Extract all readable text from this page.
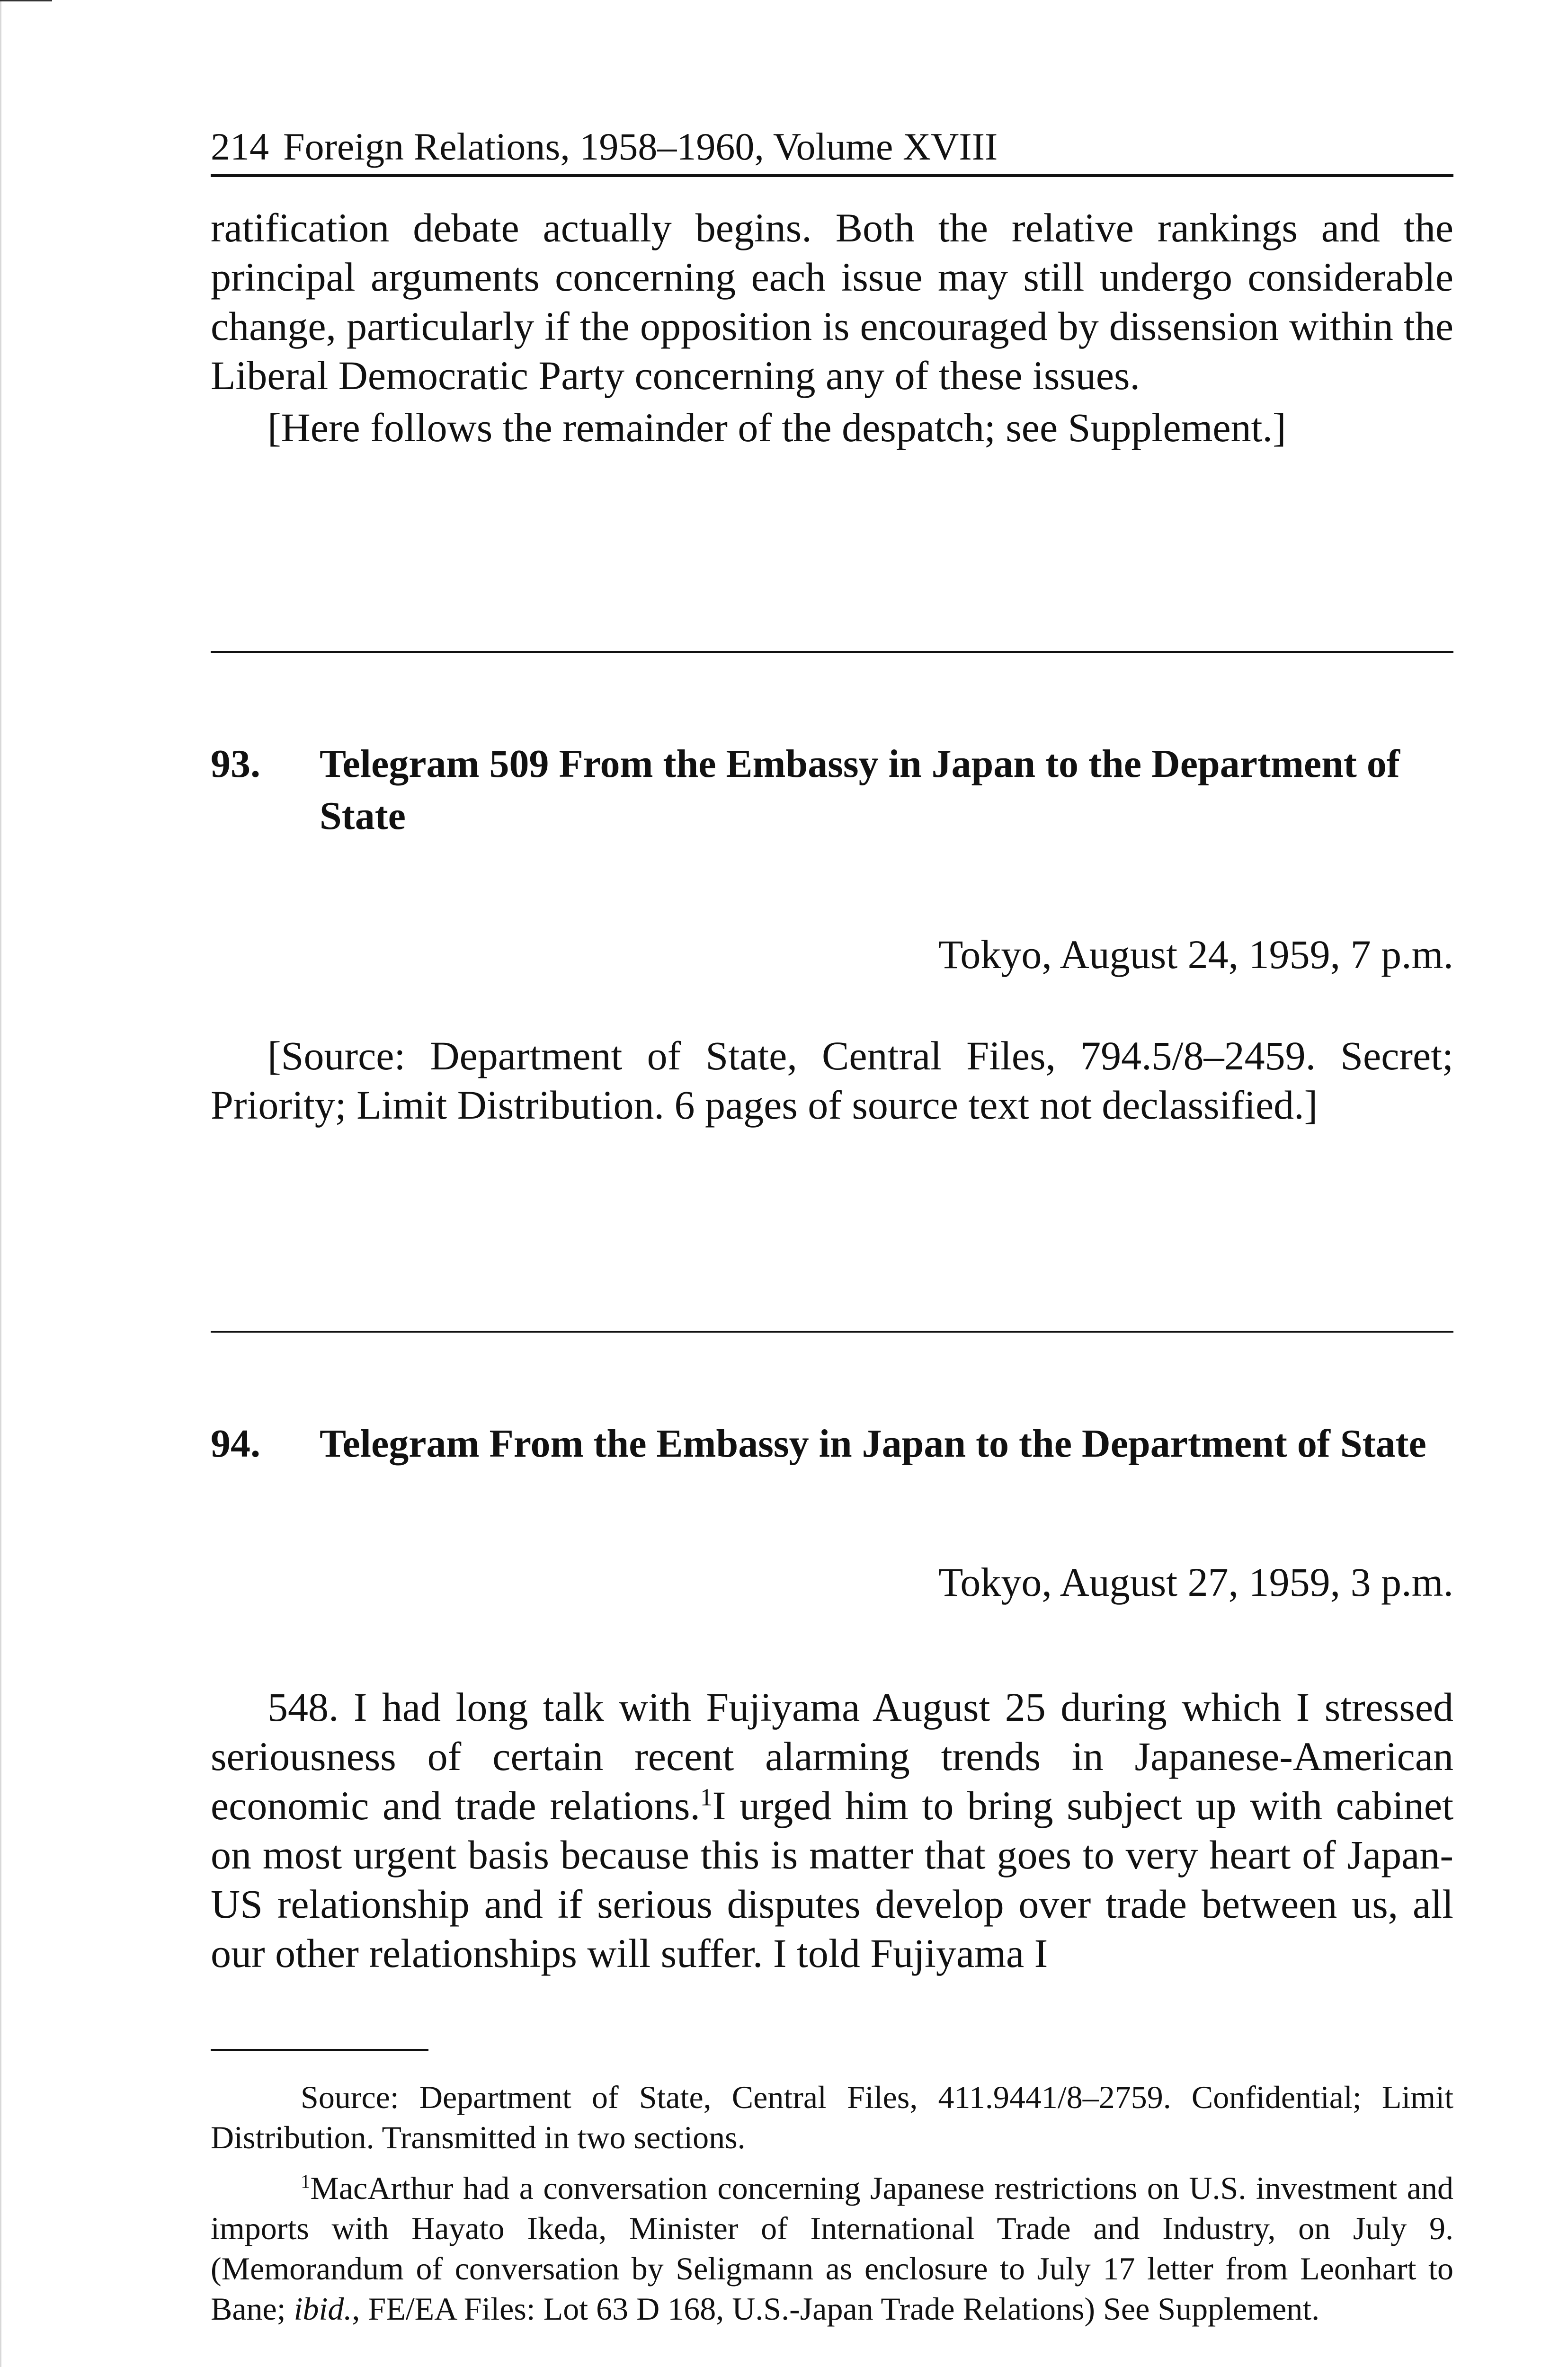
214 Foreign Relations, 1958–1960, Volume XVIII

ratification debate actually begins. Both the relative rankings and the principal arguments concerning each issue may still undergo considerable change, particularly if the opposition is encouraged by dissension within the Liberal Democratic Party concerning any of these issues.

[Here follows the remainder of the despatch; see Supplement.]

93.	Telegram 509 From the Embassy in Japan to the Department of State
Tokyo, August 24, 1959, 7 p.m.

[Source: Department of State, Central Files, 794.5/8–2459. Secret; Priority; Limit Distribution. 6 pages of source text not declassified.]

94.	Telegram From the Embassy in Japan to the Department of State
Tokyo, August 27, 1959, 3 p.m.

548. I had long talk with Fujiyama August 25 during which I stressed seriousness of certain recent alarming trends in Japanese-American economic and trade relations.$^1$I urged him to bring subject up with cabinet on most urgent basis because this is matter that goes to very heart of Japan-US relationship and if serious disputes develop over trade between us, all our other relationships will suffer. I told Fujiyama I

Source: Department of State, Central Files, 411.9441/8–2759. Confidential; Limit Distribution. Transmitted in two sections.

$^1$MacArthur had a conversation concerning Japanese restrictions on U.S. investment and imports with Hayato Ikeda, Minister of International Trade and Industry, on July 9. (Memorandum of conversation by Seligmann as enclosure to July 17 letter from Leonhart to Bane; ibid., FE/EA Files: Lot 63 D 168, U.S.-Japan Trade Relations) See Supplement.
